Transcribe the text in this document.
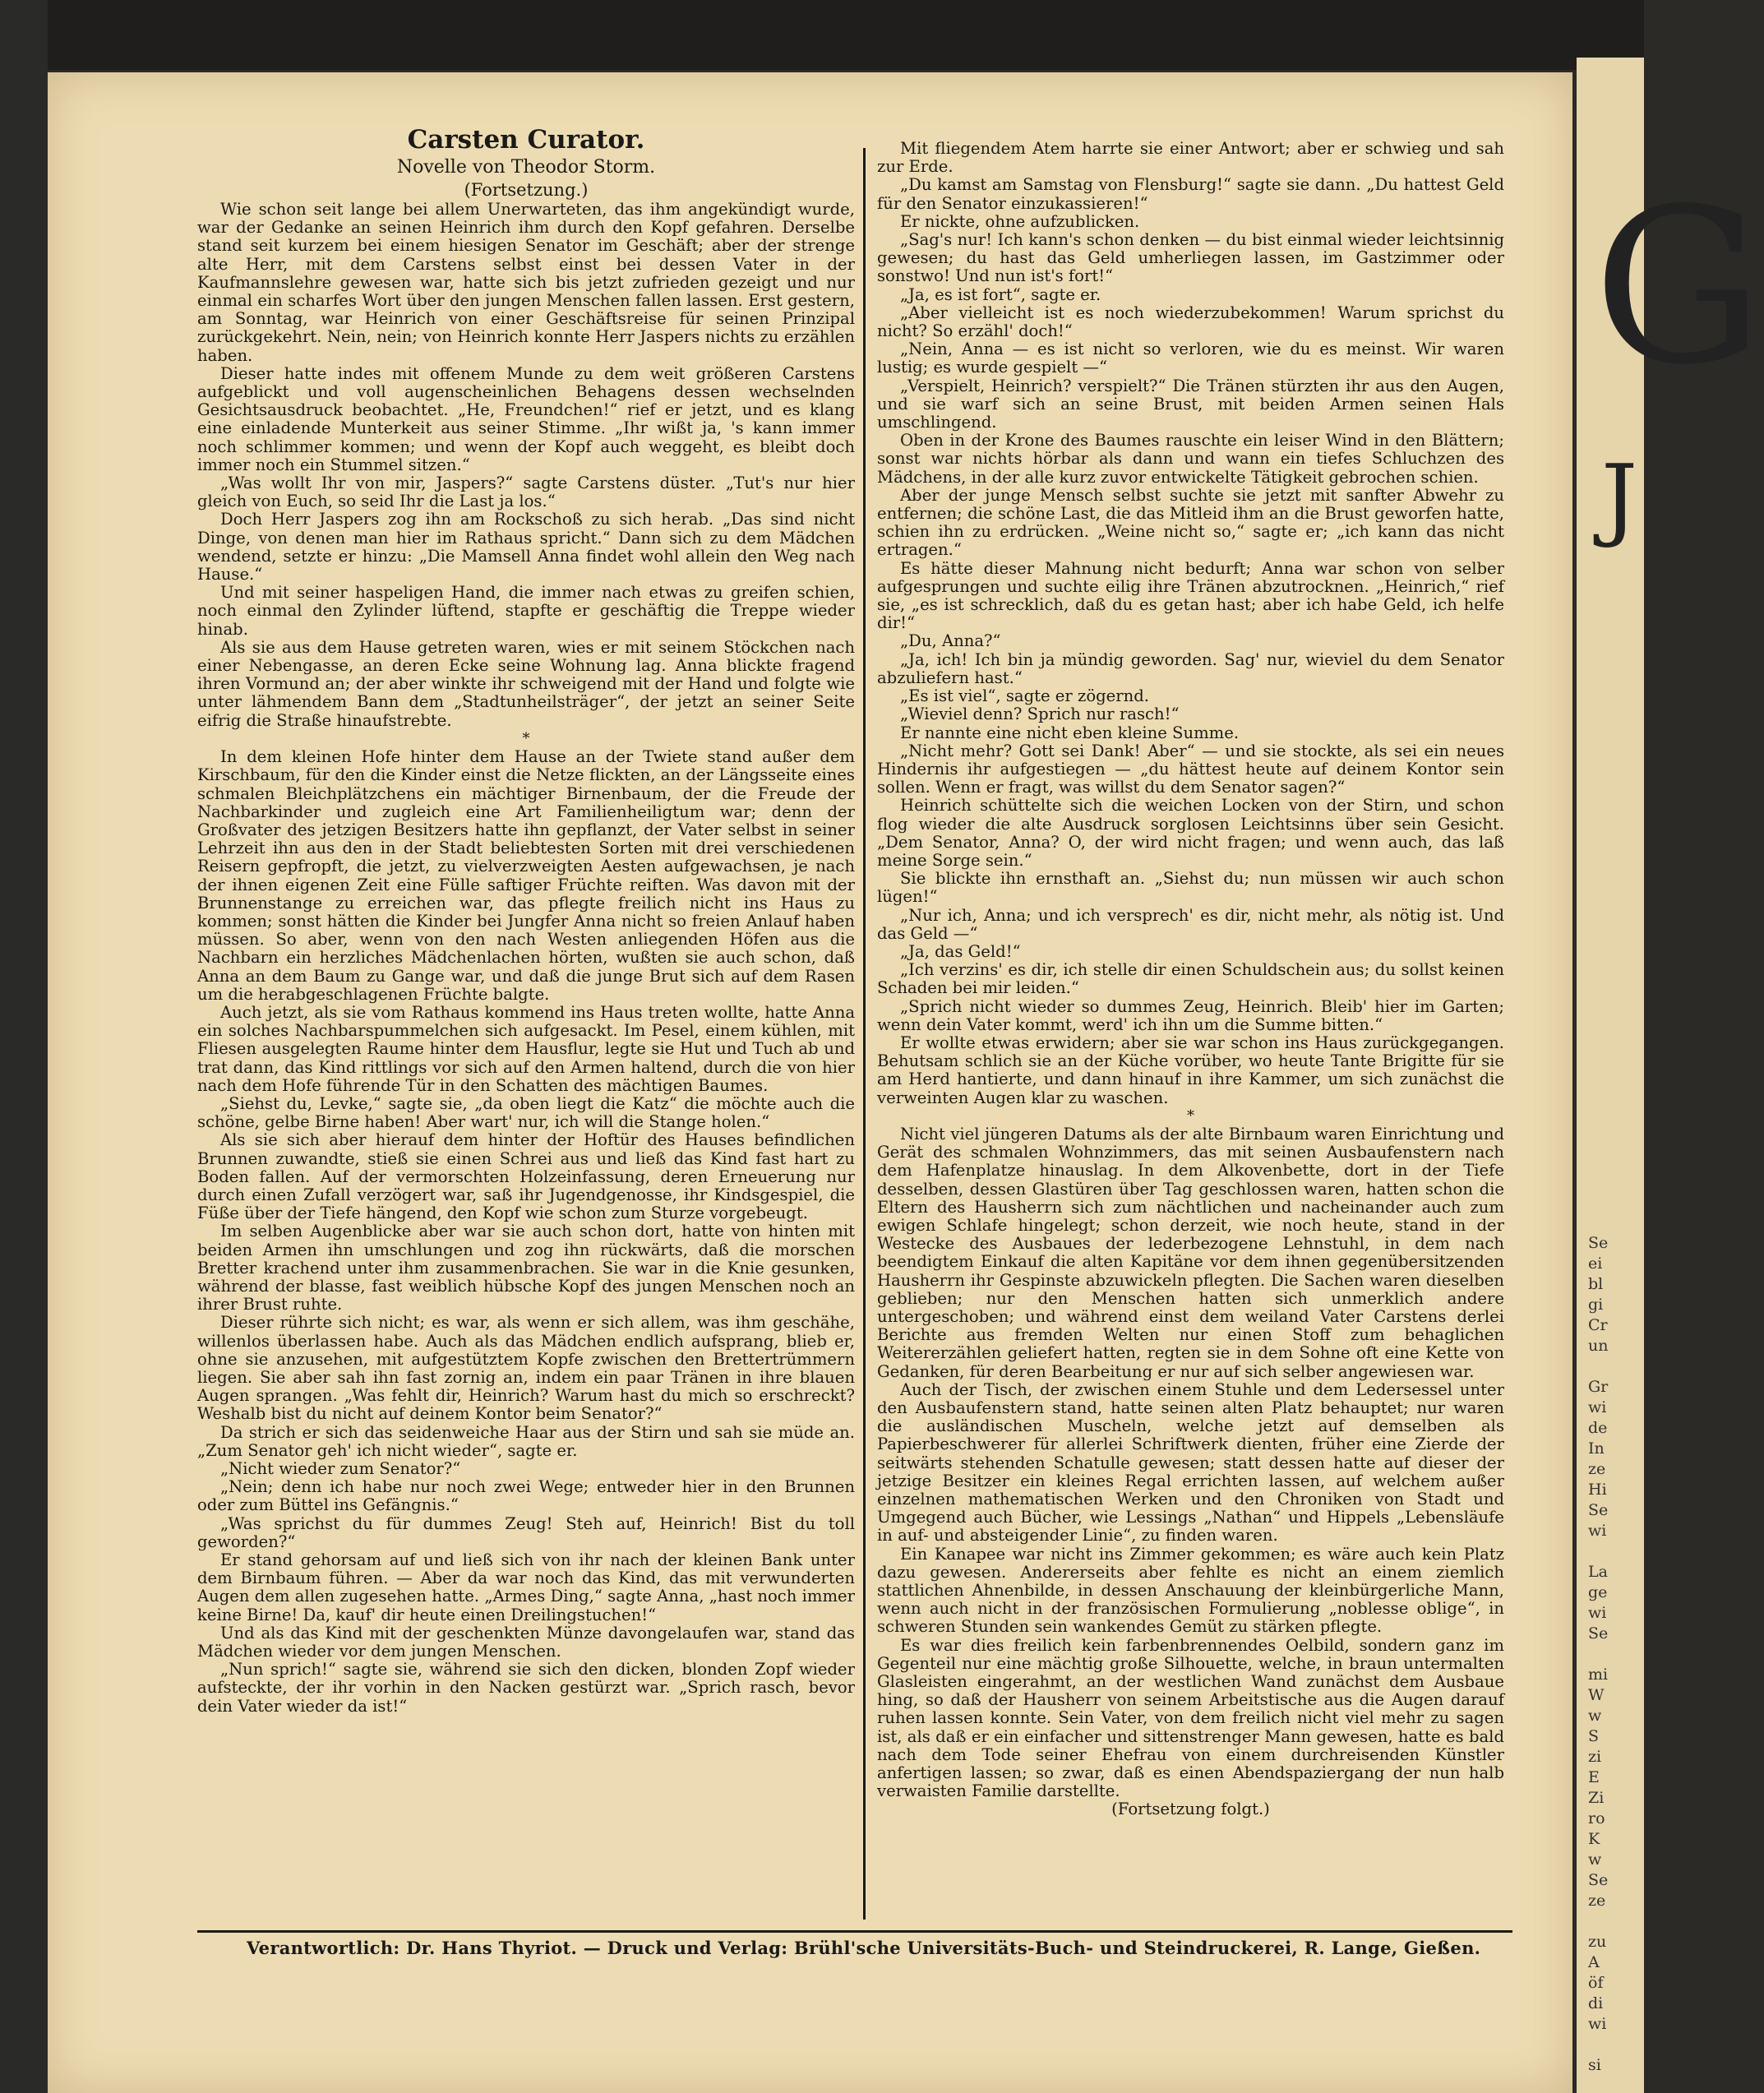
G
J
Se
ei
bl
gi
Cr
un

Gr
wi
de
In
ze
Hi
Se
wi

La
ge
wi
Se

mi
W
w
S
zi
E
Zi
ro
K
w
Se
ze

zu
A
öf
di
wi

si

Carsten Curator.

Novelle von Theodor Storm.

(Fortsetzung.)

Wie schon seit lange bei allem Unerwarteten, das ihm angekündigt wurde, war der Gedanke an seinen Heinrich ihm durch den Kopf gefahren. Derselbe stand seit kurzem bei einem hiesigen Senator im Geschäft; aber der strenge alte Herr, mit dem Carstens selbst einst bei dessen Vater in der Kaufmannslehre gewesen war, hatte sich bis jetzt zufrieden gezeigt und nur einmal ein scharfes Wort über den jungen Menschen fallen lassen. Erst gestern, am Sonntag, war Heinrich von einer Geschäftsreise für seinen Prinzipal zurückgekehrt. Nein, nein; von Heinrich konnte Herr Jaspers nichts zu erzählen haben.

Dieser hatte indes mit offenem Munde zu dem weit größeren Carstens aufgeblickt und voll augenscheinlichen Behagens dessen wechselnden Gesichtsausdruck beobachtet. „He, Freundchen!“ rief er jetzt, und es klang eine einladende Munterkeit aus seiner Stimme. „Ihr wißt ja, 's kann immer noch schlimmer kommen; und wenn der Kopf auch weggeht, es bleibt doch immer noch ein Stummel sitzen.“

„Was wollt Ihr von mir, Jaspers?“ sagte Carstens düster. „Tut's nur hier gleich von Euch, so seid Ihr die Last ja los.“

Doch Herr Jaspers zog ihn am Rockschoß zu sich herab. „Das sind nicht Dinge, von denen man hier im Rathaus spricht.“ Dann sich zu dem Mädchen wendend, setzte er hinzu: „Die Mamsell Anna findet wohl allein den Weg nach Hause.“

Und mit seiner haspeligen Hand, die immer nach etwas zu greifen schien, noch einmal den Zylinder lüftend, stapfte er geschäftig die Treppe wieder hinab.

Als sie aus dem Hause getreten waren, wies er mit seinem Stöckchen nach einer Nebengasse, an deren Ecke seine Wohnung lag. Anna blickte fragend ihren Vormund an; der aber winkte ihr schweigend mit der Hand und folgte wie unter lähmendem Bann dem „Stadtunheilsträger“, der jetzt an seiner Seite eifrig die Straße hinaufstrebte.

*

In dem kleinen Hofe hinter dem Hause an der Twiete stand außer dem Kirschbaum, für den die Kinder einst die Netze flickten, an der Längsseite eines schmalen Bleichplätzchens ein mächtiger Birnenbaum, der die Freude der Nachbarkinder und zugleich eine Art Familienheiligtum war; denn der Großvater des jetzigen Besitzers hatte ihn gepflanzt, der Vater selbst in seiner Lehrzeit ihn aus den in der Stadt beliebtesten Sorten mit drei verschiedenen Reisern gepfropft, die jetzt, zu vielverzweigten Aesten aufgewachsen, je nach der ihnen eigenen Zeit eine Fülle saftiger Früchte reiften. Was davon mit der Brunnenstange zu erreichen war, das pflegte freilich nicht ins Haus zu kommen; sonst hätten die Kinder bei Jungfer Anna nicht so freien Anlauf haben müssen. So aber, wenn von den nach Westen anliegenden Höfen aus die Nachbarn ein herzliches Mädchenlachen hörten, wußten sie auch schon, daß Anna an dem Baum zu Gange war, und daß die junge Brut sich auf dem Rasen um die herabgeschlagenen Früchte balgte.

Auch jetzt, als sie vom Rathaus kommend ins Haus treten wollte, hatte Anna ein solches Nachbarspummelchen sich aufgesackt. Im Pesel, einem kühlen, mit Fliesen ausgelegten Raume hinter dem Hausflur, legte sie Hut und Tuch ab und trat dann, das Kind rittlings vor sich auf den Armen haltend, durch die von hier nach dem Hofe führende Tür in den Schatten des mächtigen Baumes.

„Siehst du, Levke,“ sagte sie, „da oben liegt die Katz“ die möchte auch die schöne, gelbe Birne haben! Aber wart' nur, ich will die Stange holen.“

Als sie sich aber hierauf dem hinter der Hoftür des Hauses befindlichen Brunnen zuwandte, stieß sie einen Schrei aus und ließ das Kind fast hart zu Boden fallen. Auf der vermorschten Holzeinfassung, deren Erneuerung nur durch einen Zufall verzögert war, saß ihr Jugendgenosse, ihr Kindsgespiel, die Füße über der Tiefe hängend, den Kopf wie schon zum Sturze vorgebeugt.

Im selben Augenblicke aber war sie auch schon dort, hatte von hinten mit beiden Armen ihn umschlungen und zog ihn rückwärts, daß die morschen Bretter krachend unter ihm zusammenbrachen. Sie war in die Knie gesunken, während der blasse, fast weiblich hübsche Kopf des jungen Menschen noch an ihrer Brust ruhte.

Dieser rührte sich nicht; es war, als wenn er sich allem, was ihm geschähe, willenlos überlassen habe. Auch als das Mädchen endlich aufsprang, blieb er, ohne sie anzusehen, mit aufgestütztem Kopfe zwischen den Brettertrümmern liegen. Sie aber sah ihn fast zornig an, indem ein paar Tränen in ihre blauen Augen sprangen. „Was fehlt dir, Heinrich? Warum hast du mich so erschreckt? Weshalb bist du nicht auf deinem Kontor beim Senator?“

Da strich er sich das seidenweiche Haar aus der Stirn und sah sie müde an. „Zum Senator geh' ich nicht wieder“, sagte er.

„Nicht wieder zum Senator?“

„Nein; denn ich habe nur noch zwei Wege; entweder hier in den Brunnen oder zum Büttel ins Gefängnis.“

„Was sprichst du für dummes Zeug! Steh auf, Heinrich! Bist du toll geworden?“

Er stand gehorsam auf und ließ sich von ihr nach der kleinen Bank unter dem Birnbaum führen. — Aber da war noch das Kind, das mit verwunderten Augen dem allen zugesehen hatte. „Armes Ding,“ sagte Anna, „hast noch immer keine Birne! Da, kauf' dir heute einen Dreilingstuchen!“

Und als das Kind mit der geschenkten Münze davongelaufen war, stand das Mädchen wieder vor dem jungen Menschen.

„Nun sprich!“ sagte sie, während sie sich den dicken, blonden Zopf wieder aufsteckte, der ihr vorhin in den Nacken gestürzt war. „Sprich rasch, bevor dein Vater wieder da ist!“

Mit fliegendem Atem harrte sie einer Antwort; aber er schwieg und sah zur Erde.

„Du kamst am Samstag von Flensburg!“ sagte sie dann. „Du hattest Geld für den Senator einzukassieren!“

Er nickte, ohne aufzublicken.

„Sag's nur! Ich kann's schon denken — du bist einmal wieder leichtsinnig gewesen; du hast das Geld umherliegen lassen, im Gastzimmer oder sonstwo! Und nun ist's fort!“

„Ja, es ist fort“, sagte er.

„Aber vielleicht ist es noch wiederzubekommen! Warum sprichst du nicht? So erzähl' doch!“

„Nein, Anna — es ist nicht so verloren, wie du es meinst. Wir waren lustig; es wurde gespielt —“

„Verspielt, Heinrich? verspielt?“ Die Tränen stürzten ihr aus den Augen, und sie warf sich an seine Brust, mit beiden Armen seinen Hals umschlingend.

Oben in der Krone des Baumes rauschte ein leiser Wind in den Blättern; sonst war nichts hörbar als dann und wann ein tiefes Schluchzen des Mädchens, in der alle kurz zuvor entwickelte Tätigkeit gebrochen schien.

Aber der junge Mensch selbst suchte sie jetzt mit sanfter Abwehr zu entfernen; die schöne Last, die das Mitleid ihm an die Brust geworfen hatte, schien ihn zu erdrücken. „Weine nicht so,“ sagte er; „ich kann das nicht ertragen.“

Es hätte dieser Mahnung nicht bedurft; Anna war schon von selber aufgesprungen und suchte eilig ihre Tränen abzutrocknen. „Heinrich,“ rief sie, „es ist schrecklich, daß du es getan hast; aber ich habe Geld, ich helfe dir!“

„Du, Anna?“

„Ja, ich! Ich bin ja mündig geworden. Sag' nur, wieviel du dem Senator abzuliefern hast.“

„Es ist viel“, sagte er zögernd.

„Wieviel denn? Sprich nur rasch!“

Er nannte eine nicht eben kleine Summe.

„Nicht mehr? Gott sei Dank! Aber“ — und sie stockte, als sei ein neues Hindernis ihr aufgestiegen — „du hättest heute auf deinem Kontor sein sollen. Wenn er fragt, was willst du dem Senator sagen?“

Heinrich schüttelte sich die weichen Locken von der Stirn, und schon flog wieder die alte Ausdruck sorglosen Leichtsinns über sein Gesicht. „Dem Senator, Anna? O, der wird nicht fragen; und wenn auch, das laß meine Sorge sein.“

Sie blickte ihn ernsthaft an. „Siehst du; nun müssen wir auch schon lügen!“

„Nur ich, Anna; und ich versprech' es dir, nicht mehr, als nötig ist. Und das Geld —“

„Ja, das Geld!“

„Ich verzins' es dir, ich stelle dir einen Schuldschein aus; du sollst keinen Schaden bei mir leiden.“

„Sprich nicht wieder so dummes Zeug, Heinrich. Bleib' hier im Garten; wenn dein Vater kommt, werd' ich ihn um die Summe bitten.“

Er wollte etwas erwidern; aber sie war schon ins Haus zurückgegangen. Behutsam schlich sie an der Küche vorüber, wo heute Tante Brigitte für sie am Herd hantierte, und dann hinauf in ihre Kammer, um sich zunächst die verweinten Augen klar zu waschen.

*

Nicht viel jüngeren Datums als der alte Birnbaum waren Einrichtung und Gerät des schmalen Wohnzimmers, das mit seinen Ausbaufenstern nach dem Hafenplatze hinauslag. In dem Alkovenbette, dort in der Tiefe desselben, dessen Glastüren über Tag geschlossen waren, hatten schon die Eltern des Hausherrn sich zum nächtlichen und nacheinander auch zum ewigen Schlafe hingelegt; schon derzeit, wie noch heute, stand in der Westecke des Ausbaues der lederbezogene Lehnstuhl, in dem nach beendigtem Einkauf die alten Kapitäne vor dem ihnen gegenübersitzenden Hausherrn ihr Gespinste abzuwickeln pflegten. Die Sachen waren dieselben geblieben; nur den Menschen hatten sich unmerklich andere untergeschoben; und während einst dem weiland Vater Carstens derlei Berichte aus fremden Welten nur einen Stoff zum behaglichen Weitererzählen geliefert hatten, regten sie in dem Sohne oft eine Kette von Gedanken, für deren Bearbeitung er nur auf sich selber angewiesen war.

Auch der Tisch, der zwischen einem Stuhle und dem Ledersessel unter den Ausbaufenstern stand, hatte seinen alten Platz behauptet; nur waren die ausländischen Muscheln, welche jetzt auf demselben als Papierbeschwerer für allerlei Schriftwerk dienten, früher eine Zierde der seitwärts stehenden Schatulle gewesen; statt dessen hatte auf dieser der jetzige Besitzer ein kleines Regal errichten lassen, auf welchem außer einzelnen mathematischen Werken und den Chroniken von Stadt und Umgegend auch Bücher, wie Lessings „Nathan“ und Hippels „Lebensläufe in auf- und absteigender Linie“, zu finden waren.

Ein Kanapee war nicht ins Zimmer gekommen; es wäre auch kein Platz dazu gewesen. Andererseits aber fehlte es nicht an einem ziemlich stattlichen Ahnenbilde, in dessen Anschauung der kleinbürgerliche Mann, wenn auch nicht in der französischen Formulierung „noblesse oblige“, in schweren Stunden sein wankendes Gemüt zu stärken pflegte.

Es war dies freilich kein farbenbrennendes Oelbild, sondern ganz im Gegenteil nur eine mächtig große Silhouette, welche, in braun untermalten Glasleisten eingerahmt, an der westlichen Wand zunächst dem Ausbaue hing, so daß der Hausherr von seinem Arbeitstische aus die Augen darauf ruhen lassen konnte. Sein Vater, von dem freilich nicht viel mehr zu sagen ist, als daß er ein einfacher und sittenstrenger Mann gewesen, hatte es bald nach dem Tode seiner Ehefrau von einem durchreisenden Künstler anfertigen lassen; so zwar, daß es einen Abendspaziergang der nun halb verwaisten Familie darstellte.

(Fortsetzung folgt.)

Verantwortlich: Dr. Hans Thyriot. — Druck und Verlag: Brühl'sche Universitäts-Buch- und Steindruckerei, R. Lange, Gießen.
